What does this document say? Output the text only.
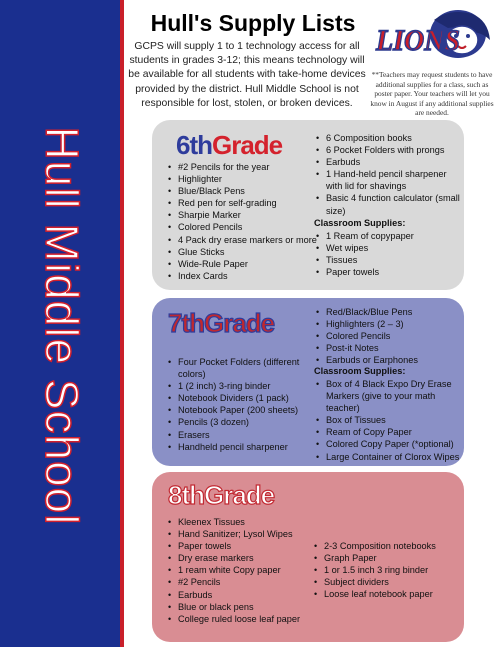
Hull Middle School
Hull's Supply Lists
GCPS will supply 1 to 1 technology access for all students in grades 3-12; this means technology will be available for all students with take-home devices provided by the district. Hull Middle School is not responsible for lost, stolen, or broken devices.
LIONS
**Teachers may request students to have additional supplies for a class, such as poster paper. Your teachers will let you know in August if any additional supplies are needed.
6thGrade
• #2 Pencils for the year
• Highlighter
• Blue/Black Pens
• Red pen for self-grading
• Sharpie Marker
• Colored Pencils
• 4 Pack dry erase markers or more
• Glue Sticks
• Wide-Rule Paper
• Index Cards
• 6 Composition books
• 6 Pocket Folders with prongs
• Earbuds
• 1 Hand-held pencil sharpener with lid for shavings
• Basic 4 function calculator (small size)
Classroom Supplies:
• 1 Ream of copypaper
• Wet wipes
• Tissues
• Paper towels
7thGrade
• Four Pocket Folders (different colors)
• 1 (2 inch) 3-ring binder
• Notebook Dividers (1 pack)
• Notebook Paper (200 sheets)
• Pencils (3 dozen)
• Erasers
• Handheld pencil sharpener
• Red/Black/Blue Pens
• Highlighters (2 – 3)
• Colored Pencils
• Post-it Notes
• Earbuds or Earphones
Classroom Supplies:
• Box of 4 Black Expo Dry Erase Markers (give to your math teacher)
• Box of Tissues
• Ream of Copy Paper
• Colored Copy Paper (*optional)
• Large Container of Clorox Wipes
8thGrade
• Kleenex Tissues
• Hand Sanitizer; Lysol Wipes
• Paper towels
• Dry erase markers
• 1 ream white Copy paper
• #2 Pencils
• Earbuds
• Blue or black pens
• College ruled loose leaf paper
• 2-3 Composition notebooks
• Graph Paper
• 1 or 1.5 inch 3 ring binder
• Subject dividers
• Loose leaf notebook paper
